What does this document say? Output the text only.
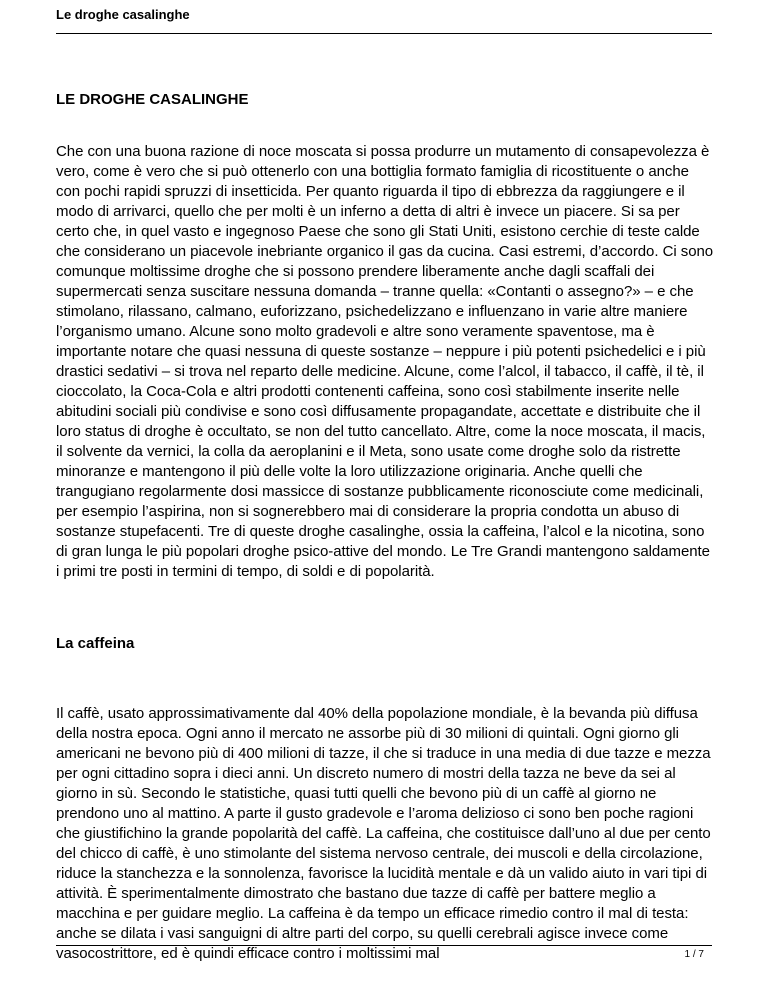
Le droghe casalinghe
LE DROGHE CASALINGHE

Che con una buona razione di noce moscata si possa produrre un mutamento di consapevolezza è vero, come è vero che si può ottenerlo con una bottiglia formato famiglia di ricostituente o anche con pochi rapidi spruzzi di insetticida. Per quanto riguarda il tipo di ebbrezza da raggiungere e il modo di arrivarci, quello che per molti è un inferno a detta di altri è invece un piacere. Si sa per certo che, in quel vasto e ingegnoso Paese che sono gli Stati Uniti, esistono cerchie di teste calde che considerano un piacevole inebriante organico il gas da cucina. Casi estremi, d’accordo. Ci sono comunque moltissime droghe che si possono prendere liberamente anche dagli scaffali dei supermercati senza suscitare nessuna domanda – tranne quella: «Contanti o assegno?» – e che stimolano, rilassano, calmano, euforizzano, psichedelizzano e influenzano in varie altre maniere l’organismo umano. Alcune sono molto gradevoli e altre sono veramente spaventose, ma è importante notare che quasi nessuna di queste sostanze – neppure i più potenti psichedelici e i più drastici sedativi – si trova nel reparto delle medicine. Alcune, come l’alcol, il tabacco, il caffè, il tè, il cioccolato, la Coca-Cola e altri prodotti contenenti caffeina, sono così stabilmente inserite nelle abitudini sociali più condivise e sono così diffusamente propagandate, accettate e distribuite che il loro status di droghe è occultato, se non del tutto cancellato. Altre, come la noce moscata, il macis, il solvente da vernici, la colla da aeroplanini e il Meta, sono usate come droghe solo da ristrette minoranze e mantengono il più delle volte la loro utilizzazione originaria. Anche quelli che trangugiano regolarmente dosi massicce di sostanze pubblicamente riconosciute come medicinali, per esempio l’aspirina, non si sognerebbero mai di considerare la propria condotta un abuso di sostanze stupefacenti. Tre di queste droghe casalinghe, ossia la caffeina, l’alcol e la nicotina, sono di gran lunga le più popolari droghe psico-attive del mondo. Le Tre Grandi mantengono saldamente i primi tre posti in termini di tempo, di soldi e di popolarità.

La caffeina

Il caffè, usato approssimativamente dal 40% della popolazione mondiale, è la bevanda più diffusa della nostra epoca. Ogni anno il mercato ne assorbe più di 30 milioni di quintali. Ogni giorno gli americani ne bevono più di 400 milioni di tazze, il che si traduce in una media di due tazze e mezza per ogni cittadino sopra i dieci anni. Un discreto numero di mostri della tazza ne beve da sei al giorno in sù. Secondo le statistiche, quasi tutti quelli che bevono più di un caffè al giorno ne prendono uno al mattino. A parte il gusto gradevole e l’aroma delizioso ci sono ben poche ragioni che giustifichino la grande popolarità del caffè. La caffeina, che costituisce dall’uno al due per cento del chicco di caffè, è uno stimolante del sistema nervoso centrale, dei muscoli e della circolazione, riduce la stanchezza e la sonnolenza, favorisce la lucidità mentale e dà un valido aiuto in vari tipi di attività. È sperimentalmente dimostrato che bastano due tazze di caffè per battere meglio a macchina e per guidare meglio. La caffeina è da tempo un efficace rimedio contro il mal di testa: anche se dilata i vasi sanguigni di altre parti del corpo, su quelli cerebrali agisce invece come vasocostrittore, ed è quindi efficace contro i moltissimi mal	1 / 7
